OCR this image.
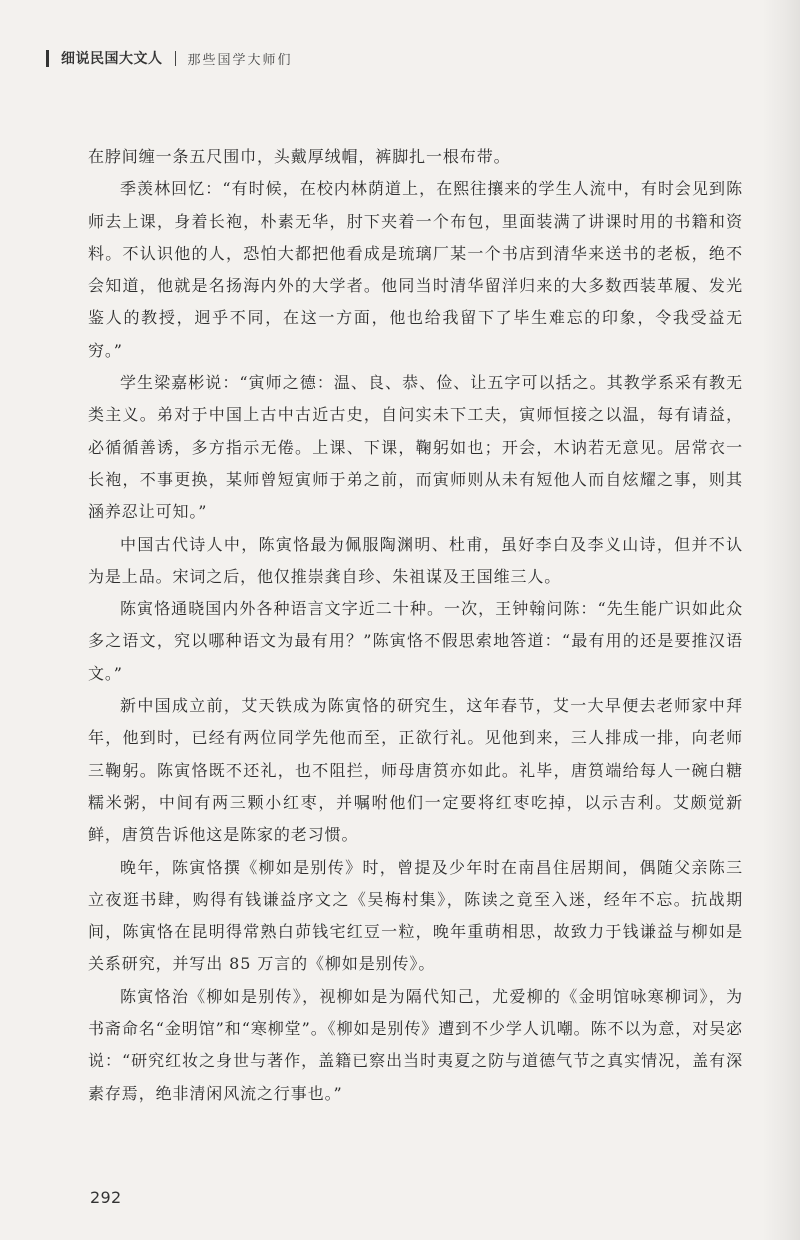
细说民国大文人 那些国学大师们

在脖间缠一条五尺围巾，头戴厚绒帽，裤脚扎一根布带。

季羡林回忆：“有时候，在校内林荫道上，在熙往攘来的学生人流中，有时会见到陈师去上课，身着长袍，朴素无华，肘下夹着一个布包，里面装满了讲课时用的书籍和资料。不认识他的人，恐怕大都把他看成是琉璃厂某一个书店到清华来送书的老板，绝不会知道，他就是名扬海内外的大学者。他同当时清华留洋归来的大多数西装革履、发光鉴人的教授，迥乎不同，在这一方面，他也给我留下了毕生难忘的印象，令我受益无穷。”

学生梁嘉彬说：“寅师之德：温、良、恭、俭、让五字可以括之。其教学系采有教无类主义。弟对于中国上古中古近古史，自问实未下工夫，寅师恒接之以温，每有请益，必循循善诱，多方指示无倦。上课、下课，鞠躬如也；开会，木讷若无意见。居常衣一长袍，不事更换，某师曾短寅师于弟之前，而寅师则从未有短他人而自炫耀之事，则其涵养忍让可知。”

中国古代诗人中，陈寅恪最为佩服陶渊明、杜甫，虽好李白及李义山诗，但并不认为是上品。宋词之后，他仅推崇龚自珍、朱祖谋及王国维三人。

陈寅恪通晓国内外各种语言文字近二十种。一次，王钟翰问陈：“先生能广识如此众多之语文，究以哪种语文为最有用？”陈寅恪不假思索地答道：“最有用的还是要推汉语文。”

新中国成立前，艾天铁成为陈寅恪的研究生，这年春节，艾一大早便去老师家中拜年，他到时，已经有两位同学先他而至，正欲行礼。见他到来，三人排成一排，向老师三鞠躬。陈寅恪既不还礼，也不阻拦，师母唐筼亦如此。礼毕，唐筼端给每人一碗白糖糯米粥，中间有两三颗小红枣，并嘱咐他们一定要将红枣吃掉，以示吉利。艾颇觉新鲜，唐筼告诉他这是陈家的老习惯。

晚年，陈寅恪撰《柳如是别传》时，曾提及少年时在南昌住居期间，偶随父亲陈三立夜逛书肆，购得有钱谦益序文之《吴梅村集》，陈读之竟至入迷，经年不忘。抗战期间，陈寅恪在昆明得常熟白茆钱宅红豆一粒，晚年重萌相思，故致力于钱谦益与柳如是关系研究，并写出 85 万言的《柳如是别传》。

陈寅恪治《柳如是别传》，视柳如是为隔代知己，尤爱柳的《金明馆咏寒柳词》，为书斋命名“金明馆”和“寒柳堂”。《柳如是别传》遭到不少学人讥嘲。陈不以为意，对吴宓说：“研究红妆之身世与著作，盖籍已察出当时夷夏之防与道德气节之真实情况，盖有深素存焉，绝非清闲风流之行事也。”

292
